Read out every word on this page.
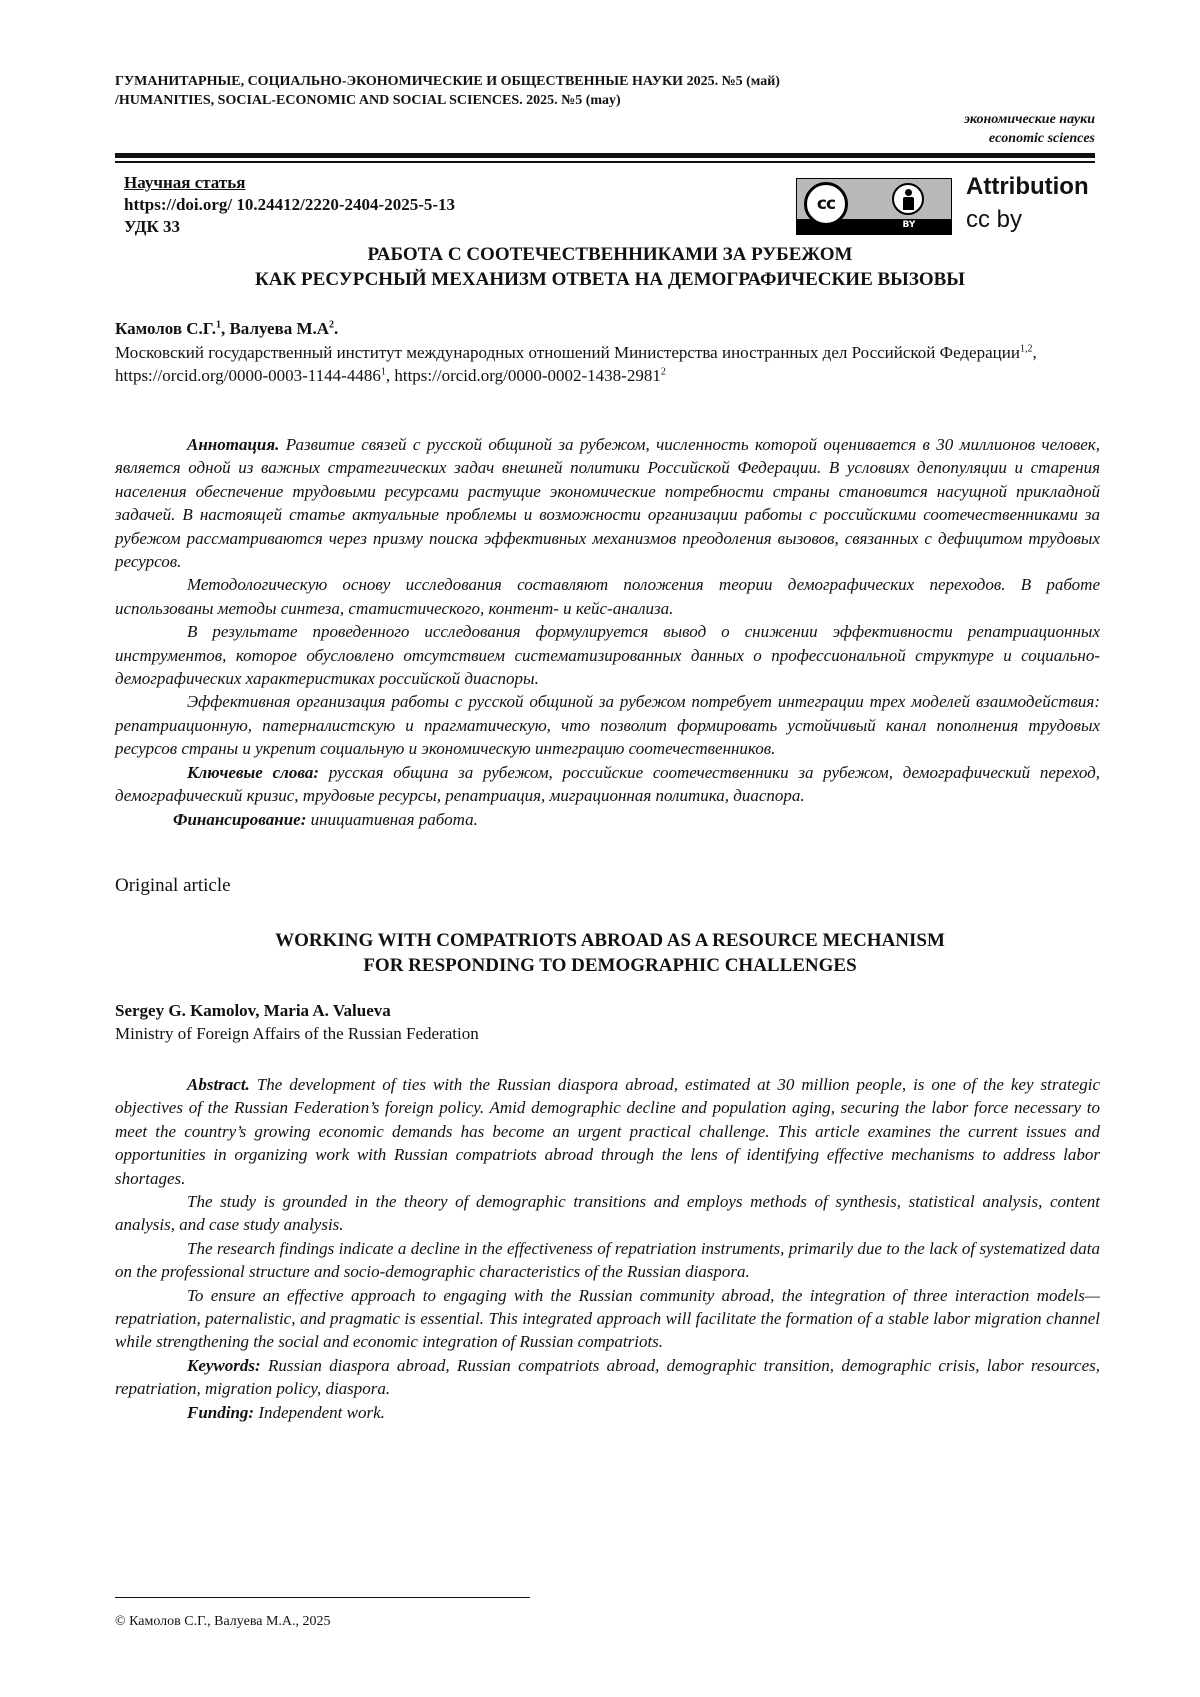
ГУМАНИТАРНЫЕ, СОЦИАЛЬНО-ЭКОНОМИЧЕСКИЕ И ОБЩЕСТВЕННЫЕ НАУКИ 2025. №5 (май)
/HUMANITIES, SOCIAL-ECONOMIC AND SOCIAL SCIENCES. 2025. №5 (may)
экономические науки
economic sciences
Научная статья
https://doi.org/ 10.24412/2220-2404-2025-5-13
УДК 33
cc
BY
Attribution
cc by
РАБОТА С СООТЕЧЕСТВЕННИКАМИ ЗА РУБЕЖОМ
КАК РЕСУРСНЫЙ МЕХАНИЗМ ОТВЕТА НА ДЕМОГРАФИЧЕСКИЕ ВЫЗОВЫ
Камолов С.Г.$^1$, Валуева $М.А^2$.
Московский государственный институт международных отношений Министерства иностранных дел Российской Федерации$^{1,2}$,
https://orcid.org/0000-0003-1144-4486$^1$, https://orcid.org/0000-0002-1438-2981$^2$

Аннотация. Развитие связей с русской общиной за рубежом, численность которой оценивается в 30 миллионов человек, является одной из важных стратегических задач внешней политики Российской Федерации. В условиях депопуляции и старения населения обеспечение трудовыми ресурсами растущие экономические потребности страны становится насущной прикладной задачей. В настоящей статье актуальные проблемы и возможности организации работы с российскими соотечественниками за рубежом рассматриваются через призму поиска эффективных механизмов преодоления вызовов, связанных с дефицитом трудовых ресурсов.

Методологическую основу исследования составляют положения теории демографических переходов. В работе использованы методы синтеза, статистического, контент- и кейс-анализа.

В результате проведенного исследования формулируется вывод о снижении эффективности репатриационных инструментов, которое обусловлено отсутствием систематизированных данных о профессиональной структуре и социально-демографических характеристиках российской диаспоры.

Эффективная организация работы с русской общиной за рубежом потребует интеграции трех моделей взаимодействия: репатриационную, патерналистскую и прагматическую, что позволит формировать устойчивый канал пополнения трудовых ресурсов страны и укрепит социальную и экономическую интеграцию соотечественников.

Ключевые слова: русская община за рубежом, российские соотечественники за рубежом, демографический переход, демографический кризис, трудовые ресурсы, репатриация, миграционная политика, диаспора.

Финансирование: инициативная работа.

Original article
WORKING WITH COMPATRIOTS ABROAD AS A RESOURCE MECHANISM
FOR RESPONDING TO DEMOGRAPHIC CHALLENGES
Sergey G. Kamolov, Maria A. Valueva
Ministry of Foreign Affairs of the Russian Federation

Abstract. The development of ties with the Russian diaspora abroad, estimated at 30 million people, is one of the key strategic objectives of the Russian Federation’s foreign policy. Amid demographic decline and population aging, securing the labor force necessary to meet the country’s growing economic demands has become an urgent practical challenge. This article examines the current issues and opportunities in organizing work with Russian compatriots abroad through the lens of identifying effective mechanisms to address labor shortages.

The study is grounded in the theory of demographic transitions and employs methods of synthesis, statistical analysis, content analysis, and case study analysis.

The research findings indicate a decline in the effectiveness of repatriation instruments, primarily due to the lack of systematized data on the professional structure and socio-demographic characteristics of the Russian diaspora.

To ensure an effective approach to engaging with the Russian community abroad, the integration of three interaction models—repatriation, paternalistic, and pragmatic is essential. This integrated approach will facilitate the formation of a stable labor migration channel while strengthening the social and economic integration of Russian compatriots.

Keywords: Russian diaspora abroad, Russian compatriots abroad, demographic transition, demographic crisis, labor resources, repatriation, migration policy, diaspora.

Funding: Independent work.

© Камолов С.Г., Валуева М.А., 2025
